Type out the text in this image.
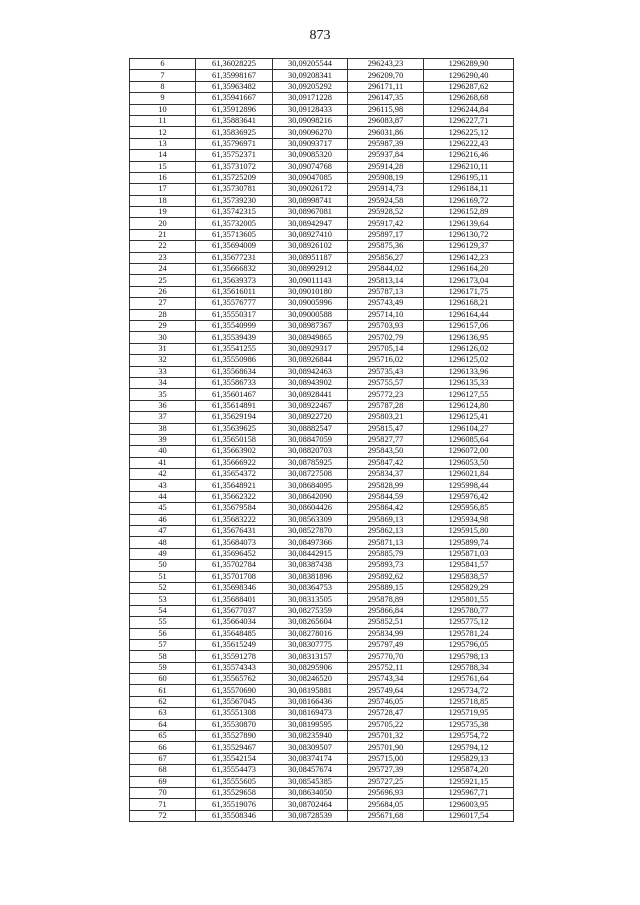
873
6	61,36028225	30,09205544	296243,23	1296289,90
7	61,35998167	30,09208341	296209,70	1296290,40
8	61,35963482	30,09205292	296171,11	1296287,62
9	61,35941667	30,09171228	296147,35	1296268,68
10	61,35912896	30,09128433	296115,98	1296244,84
11	61,35883641	30,09098216	296083,87	1296227,71
12	61,35836925	30,09096270	296031,86	1296225,12
13	61,35796971	30,09093717	295987,39	1296222,43
14	61,35752371	30,09085320	295937,84	1296216,46
15	61,35731072	30,09074768	295914,28	1296210,11
16	61,35725209	30,09047085	295908,19	1296195,11
17	61,35730781	30,09026172	295914,73	1296184,11
18	61,35739230	30,08998741	295924,58	1296169,72
19	61,35742315	30,08967081	295928,52	1296152,89
20	61,35732005	30,08942947	295917,42	1296139,64
21	61,35713605	30,08927410	295897,17	1296130,72
22	61,35694009	30,08926102	295875,36	1296129,37
23	61,35677231	30,08951187	295856,27	1296142,23
24	61,35666832	30,08992912	295844,02	1296164,20
25	61,35639373	30,09011143	295813,14	1296173,04
26	61,35616011	30,09010180	295787,13	1296171,75
27	61,35576777	30,09005996	295743,49	1296168,21
28	61,35550317	30,09000588	295714,10	1296164,44
29	61,35540999	30,08987367	295703,93	1296157,06
30	61,35539439	30,08949865	295702,79	1296136,95
31	61,35541255	30,08929317	295705,14	1296126,02
32	61,35550986	30,08926844	295716,02	1296125,02
33	61,35568634	30,08942463	295735,43	1296133,96
34	61,35586733	30,08943902	295755,57	1296135,33
35	61,35601467	30,08928441	295772,23	1296127,55
36	61,35614891	30,08922467	295787,28	1296124,80
37	61,35629194	30,08922720	295803,21	1296125,41
38	61,35639625	30,08882547	295815,47	1296104,27
39	61,35650158	30,08847059	295827,77	1296085,64
40	61,35663902	30,08820703	295843,50	1296072,00
41	61,35666922	30,08785925	295847,42	1296053,50
42	61,35654372	30,08727508	295834,37	1296021,84
43	61,35648921	30,08684095	295828,99	1295998,44
44	61,35662322	30,08642090	295844,59	1295976,42
45	61,35679584	30,08604426	295864,42	1295956,85
46	61,35683222	30,08563309	295869,13	1295934,98
47	61,35676431	30,08527870	295862,13	1295915,80
48	61,35684073	30,08497366	295871,13	1295899,74
49	61,35696452	30,08442915	295885,79	1295871,03
50	61,35702784	30,08387438	295893,73	1295841,57
51	61,35701708	30,08381896	295892,62	1295838,57
52	61,35698346	30,08364753	295889,15	1295829,29
53	61,35688401	30,08313505	295878,89	1295801,55
54	61,35677037	30,08275359	295866,84	1295780,77
55	61,35664034	30,08265604	295852,51	1295775,12
56	61,35648485	30,08278016	295834,99	1295781,24
57	61,35615249	30,08307775	295797,49	1295796,05
58	61,35591278	30,08313157	295770,70	1295798,13
59	61,35574343	30,08295906	295752,11	1295788,34
60	61,35565762	30,08246520	295743,34	1295761,64
61	61,35570690	30,08195881	295749,64	1295734,72
62	61,35567045	30,08166436	295746,05	1295718,85
63	61,35551308	30,08169473	295728,47	1295719,95
64	61,35530870	30,08199595	295705,22	1295735,38
65	61,35527890	30,08235940	295701,32	1295754,72
66	61,35529467	30,08309507	295701,90	1295794,12
67	61,35542154	30,08374174	295715,00	1295829,13
68	61,35554473	30,08457674	295727,39	1295874,20
69	61,35555605	30,08545385	295727,25	1295921,15
70	61,35529658	30,08634050	295696,93	1295967,71
71	61,35519076	30,08702464	295684,05	1296003,95
72	61,35508346	30,08728539	295671,68	1296017,54
